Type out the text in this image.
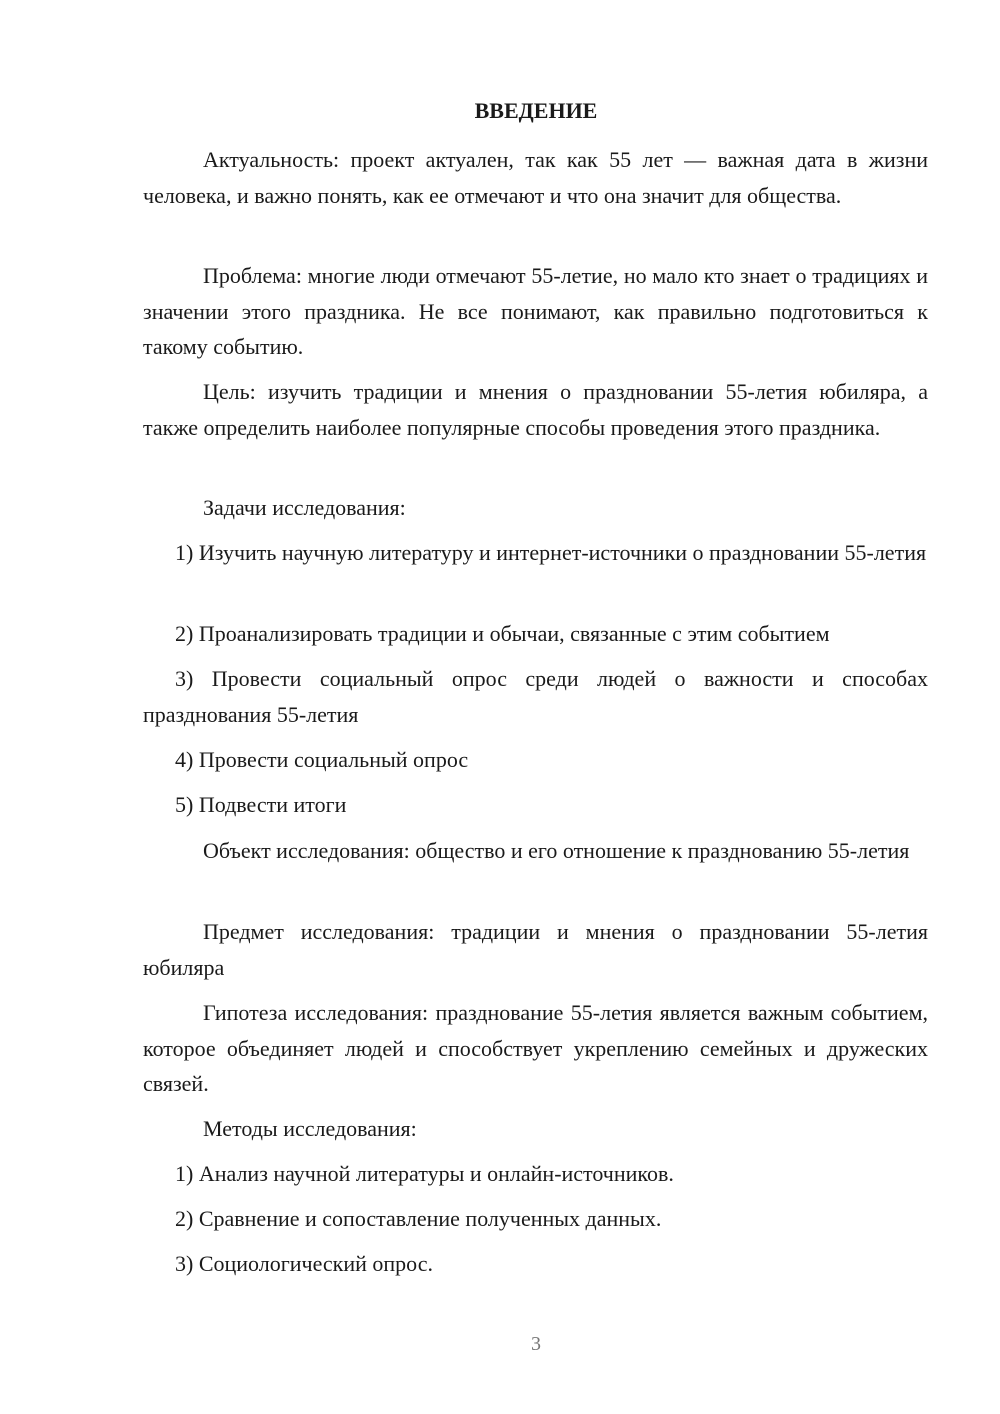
ВВЕДЕНИЕ

Актуальность: проект актуален, так как 55 лет — важная дата в жизни человека, и важно понять, как ее отмечают и что она значит для общества.

Проблема: многие люди отмечают 55-летие, но мало кто знает о традициях и значении этого праздника. Не все понимают, как правильно подготовиться к такому событию.

Цель: изучить традиции и мнения о праздновании 55-летия юбиляра, а также определить наиболее популярные способы проведения этого праздника.

Задачи исследования:

1) Изучить научную литературу и интернет-источники о праздновании 55-летия

2) Проанализировать традиции и обычаи, связанные с этим событием

3) Провести социальный опрос среди людей о важности и способах празднования 55-летия

4) Провести социальный опрос

5) Подвести итоги

Объект исследования: общество и его отношение к празднованию 55-летия

Предмет исследования: традиции и мнения о праздновании 55-летия юбиляра

Гипотеза исследования: празднование 55-летия является важным событием, которое объединяет людей и способствует укреплению семейных и дружеских связей.

Методы исследования:

1) Анализ научной литературы и онлайн-источников.

2) Сравнение и сопоставление полученных данных.

3) Социологический опрос.

3
